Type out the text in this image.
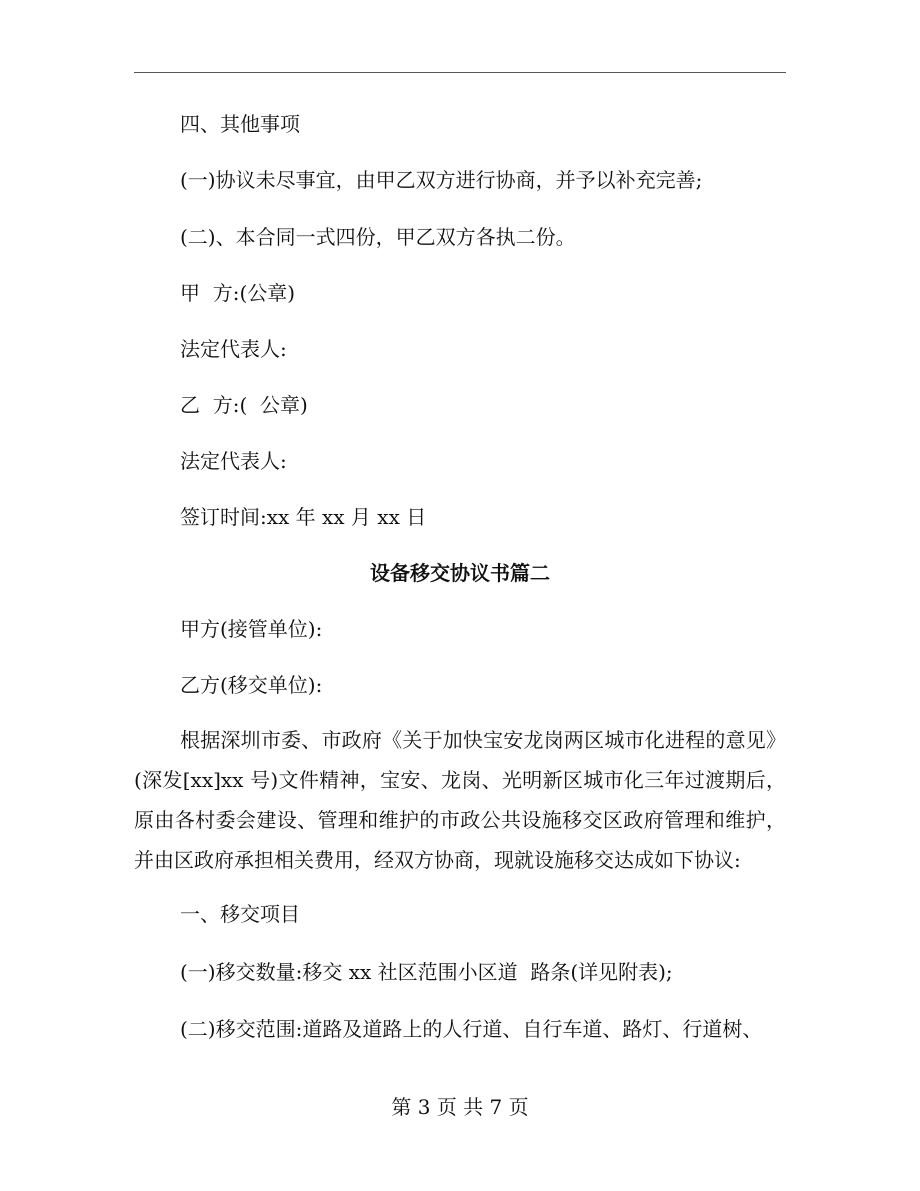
四、其他事项
(一)协议未尽事宜，由甲乙双方进行协商，并予以补充完善;
(二)、本合同一式四份，甲乙双方各执二份。
甲  方:(公章)
法定代表人:
乙  方:(  公章)
法定代表人:
签订时间:xx 年 xx 月 xx 日
设备移交协议书篇二
甲方(接管单位):
乙方(移交单位):
根据深圳市委、市政府《关于加快宝安龙岗两区城市化进程的意见》
(深发[xx]xx 号)文件精神，宝安、龙岗、光明新区城市化三年过渡期后，
原由各村委会建设、管理和维护的市政公共设施移交区政府管理和维护，
并由区政府承担相关费用，经双方协商，现就设施移交达成如下协议:
一、移交项目
(一)移交数量:移交 xx 社区范围小区道  路条(详见附表);
(二)移交范围:道路及道路上的人行道、自行车道、路灯、行道树、
第 3 页 共 7 页
